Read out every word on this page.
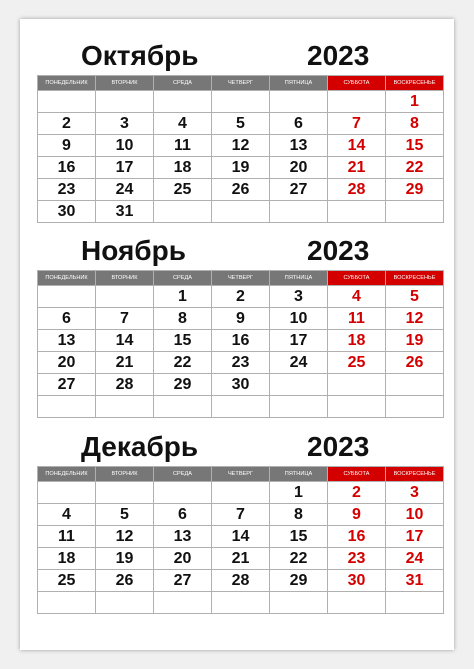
Октябрь	2023
ПОНЕДЕЛЬНИК	ВТОРНИК	СРЕДА	ЧЕТВЕРГ	ПЯТНИЦА	СУББОТА	ВОСКРЕСЕНЬЕ
						1
2	3	4	5	6	7	8
9	10	11	12	13	14	15
16	17	18	19	20	21	22
23	24	25	26	27	28	29
30	31					
Ноябрь	2023
ПОНЕДЕЛЬНИК	ВТОРНИК	СРЕДА	ЧЕТВЕРГ	ПЯТНИЦА	СУББОТА	ВОСКРЕСЕНЬЕ
		1	2	3	4	5
6	7	8	9	10	11	12
13	14	15	16	17	18	19
20	21	22	23	24	25	26
27	28	29	30			

Декабрь	2023
ПОНЕДЕЛЬНИК	ВТОРНИК	СРЕДА	ЧЕТВЕРГ	ПЯТНИЦА	СУББОТА	ВОСКРЕСЕНЬЕ
				1	2	3
4	5	6	7	8	9	10
11	12	13	14	15	16	17
18	19	20	21	22	23	24
25	26	27	28	29	30	31
